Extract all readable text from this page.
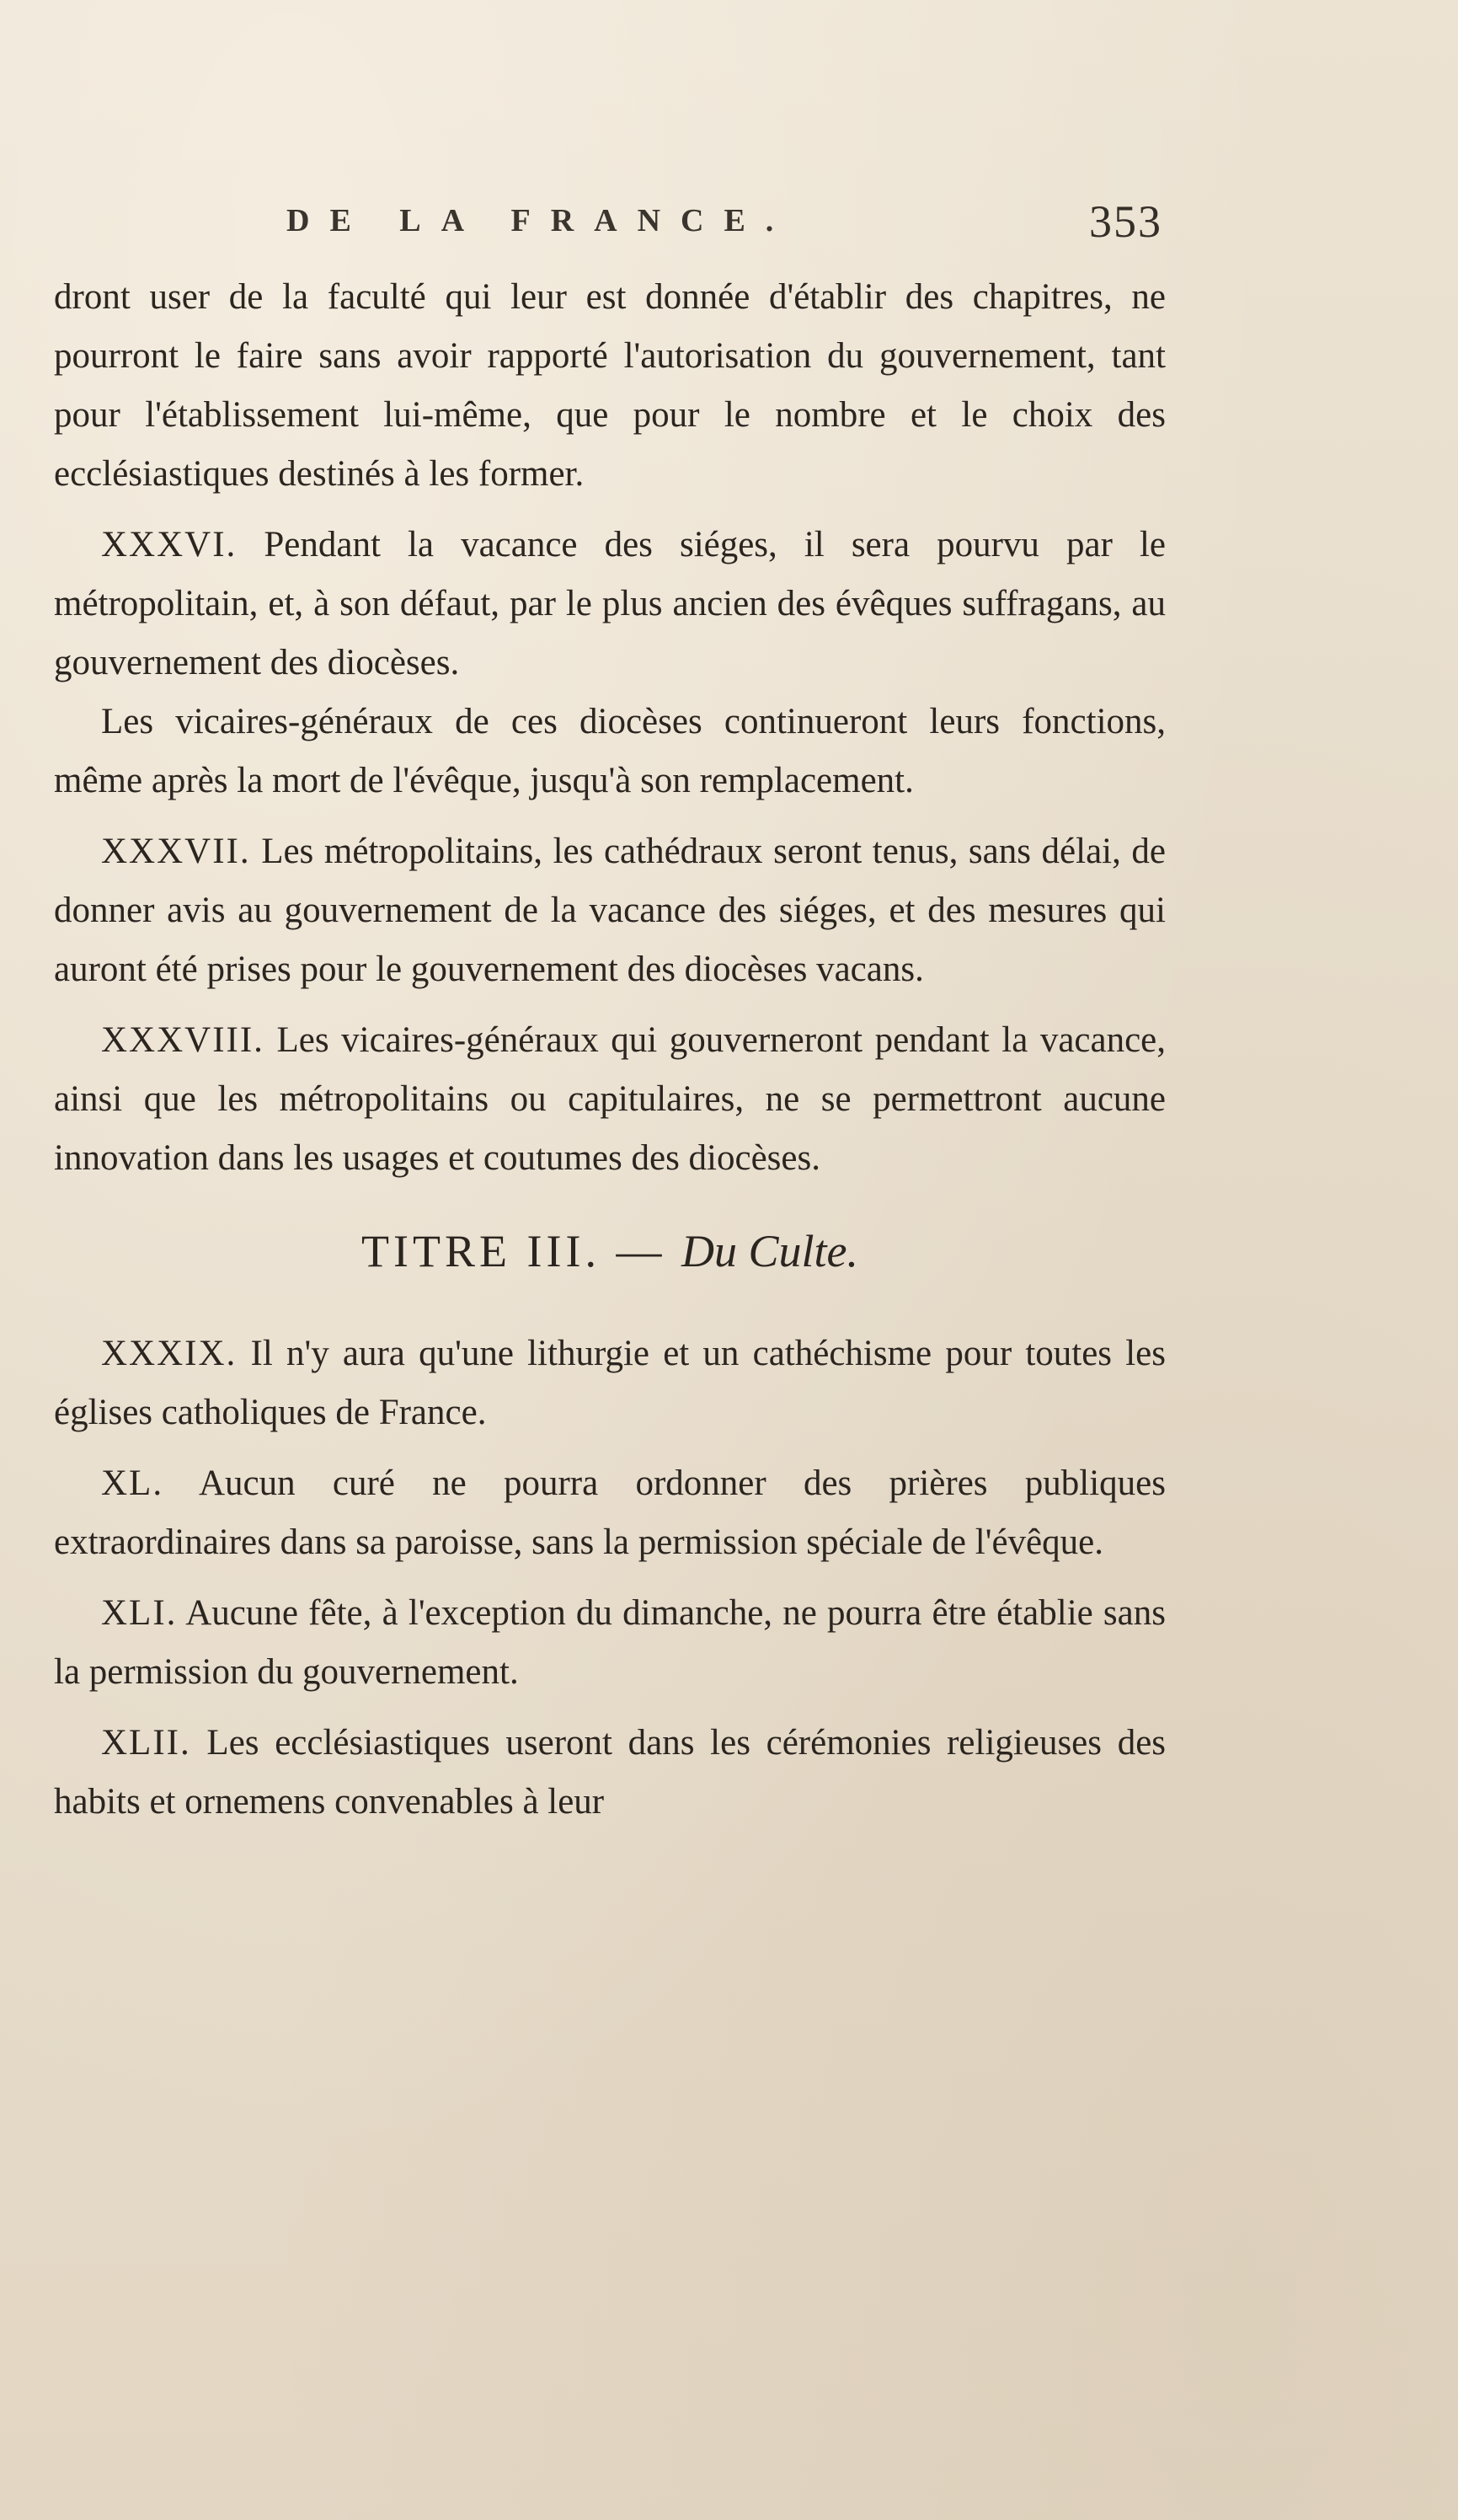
DE LA FRANCE.	353

dront user de la faculté qui leur est donnée d'établir des chapitres, ne pourront le faire sans avoir rapporté l'autorisation du gouvernement, tant pour l'établissement lui-même, que pour le nombre et le choix des ecclésiastiques destinés à les former.

XXXVI. Pendant la vacance des siéges, il sera pourvu par le métropolitain, et, à son défaut, par le plus ancien des évêques suffragans, au gouvernement des diocèses.

Les vicaires-généraux de ces diocèses continueront leurs fonctions, même après la mort de l'évêque, jusqu'à son remplacement.

XXXVII. Les métropolitains, les cathédraux seront tenus, sans délai, de donner avis au gouvernement de la vacance des siéges, et des mesures qui auront été prises pour le gouvernement des diocèses vacans.

XXXVIII. Les vicaires-généraux qui gouverneront pendant la vacance, ainsi que les métropolitains ou capitulaires, ne se permettront aucune innovation dans les usages et coutumes des diocèses.

TITRE III. — Du Culte.

XXXIX. Il n'y aura qu'une lithurgie et un cathéchisme pour toutes les églises catholiques de France.

XL. Aucun curé ne pourra ordonner des prières publiques extraordinaires dans sa paroisse, sans la permission spéciale de l'évêque.

XLI. Aucune fête, à l'exception du dimanche, ne pourra être établie sans la permission du gouvernement.

XLII. Les ecclésiastiques useront dans les cérémonies religieuses des habits et ornemens convenables à leur
